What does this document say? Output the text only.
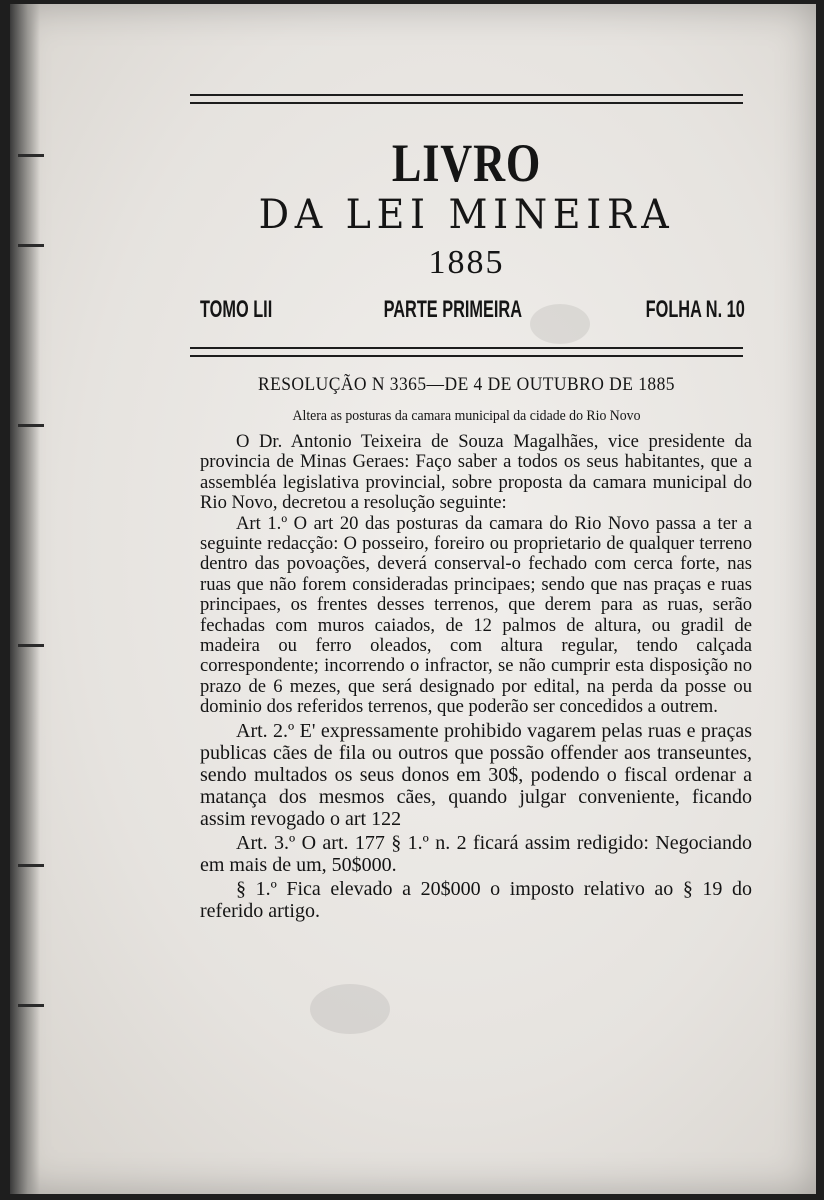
LIVRO
DA LEI MINEIRA
1885
TOMO LII	PARTE PRIMEIRA	FOLHA N. 10
RESOLUÇÃO N 3365—DE 4 DE OUTUBRO DE 1885
Altera as posturas da camara municipal da cidade do Rio Novo

O Dr. Antonio Teixeira de Souza Magalhães, vice presidente da provincia de Minas Geraes: Faço saber a todos os seus habitantes, que a assembléa legislativa provincial, sobre proposta da camara municipal do Rio Novo, decretou a resolução seguinte:

Art 1.º O art 20 das posturas da camara do Rio Novo passa a ter a seguinte redacção: O posseiro, foreiro ou proprietario de qualquer terreno dentro das povoações, deverá conserval-o fechado com cerca forte, nas ruas que não forem consideradas principaes; sendo que nas praças e ruas principaes, os frentes desses terrenos, que derem para as ruas, serão fechadas com muros caiados, de 12 palmos de altura, ou gradil de madeira ou ferro oleados, com altura regular, tendo calçada correspondente; incorrendo o infractor, se não cumprir esta disposição no prazo de 6 mezes, que será designado por edital, na perda da posse ou dominio dos referidos terrenos, que poderão ser concedidos a outrem.

Art. 2.º E' expressamente prohibido vagarem pelas ruas e praças publicas cães de fila ou outros que possão offender aos transeuntes, sendo multados os seus donos em 30$, podendo o fiscal ordenar a matança dos mesmos cães, quando julgar conveniente, ficando assim revogado o art 122

Art. 3.º O art. 177 § 1.º n. 2 ficará assim redigido: Negociando em mais de um, 50$000.

§ 1.º Fica elevado a 20$000 o imposto relativo ao § 19 do referido artigo.
